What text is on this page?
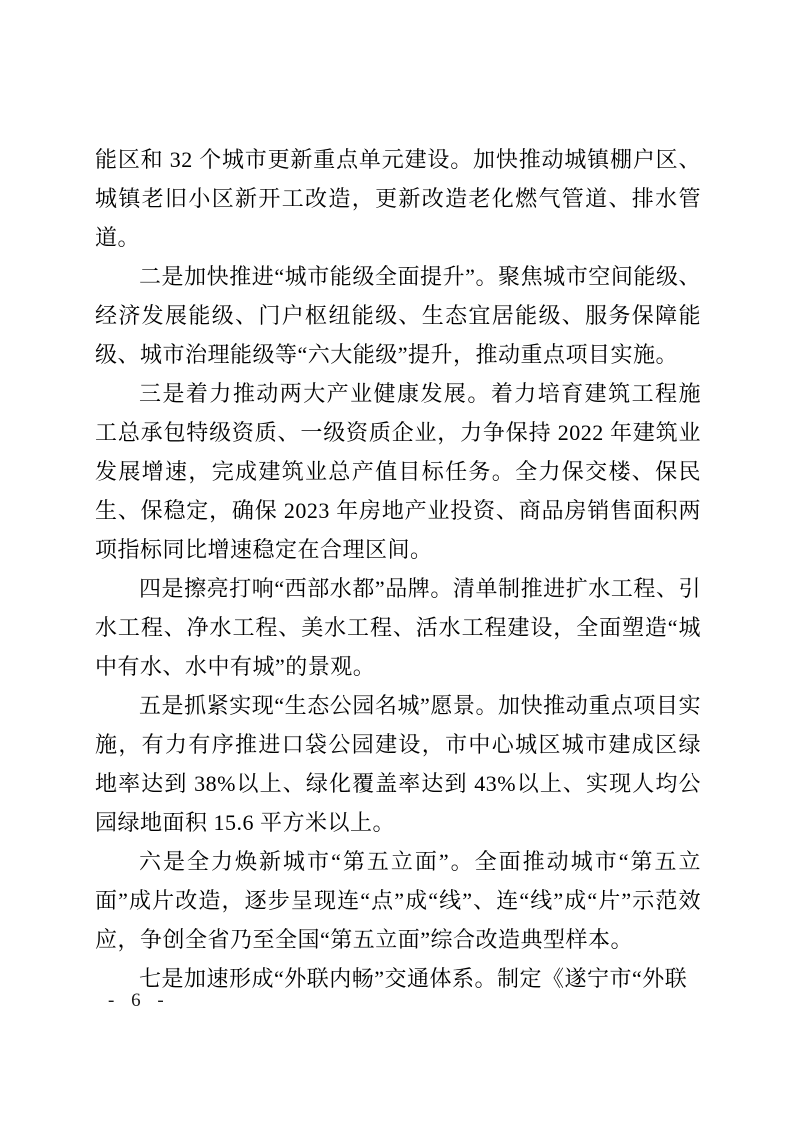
能区和 32 个城市更新重点单元建设。加快推动城镇棚户区、城镇老旧小区新开工改造，更新改造老化燃气管道、排水管道。

二是加快推进“城市能级全面提升”。聚焦城市空间能级、经济发展能级、门户枢纽能级、生态宜居能级、服务保障能级、城市治理能级等“六大能级”提升，推动重点项目实施。

三是着力推动两大产业健康发展。着力培育建筑工程施工总承包特级资质、一级资质企业，力争保持 2022 年建筑业发展增速，完成建筑业总产值目标任务。全力保交楼、保民生、保稳定，确保 2023 年房地产业投资、商品房销售面积两项指标同比增速稳定在合理区间。

四是擦亮打响“西部水都”品牌。清单制推进扩水工程、引水工程、净水工程、美水工程、活水工程建设，全面塑造“城中有水、水中有城”的景观。

五是抓紧实现“生态公园名城”愿景。加快推动重点项目实施，有力有序推进口袋公园建设，市中心城区城市建成区绿地率达到 38%以上、绿化覆盖率达到 43%以上、实现人均公园绿地面积 15.6 平方米以上。

六是全力焕新城市“第五立面”。全面推动城市“第五立面”成片改造，逐步呈现连“点”成“线”、连“线”成“片”示范效应，争创全省乃至全国“第五立面”综合改造典型样本。

七是加速形成“外联内畅”交通体系。制定《遂宁市“外联

- 6 -
